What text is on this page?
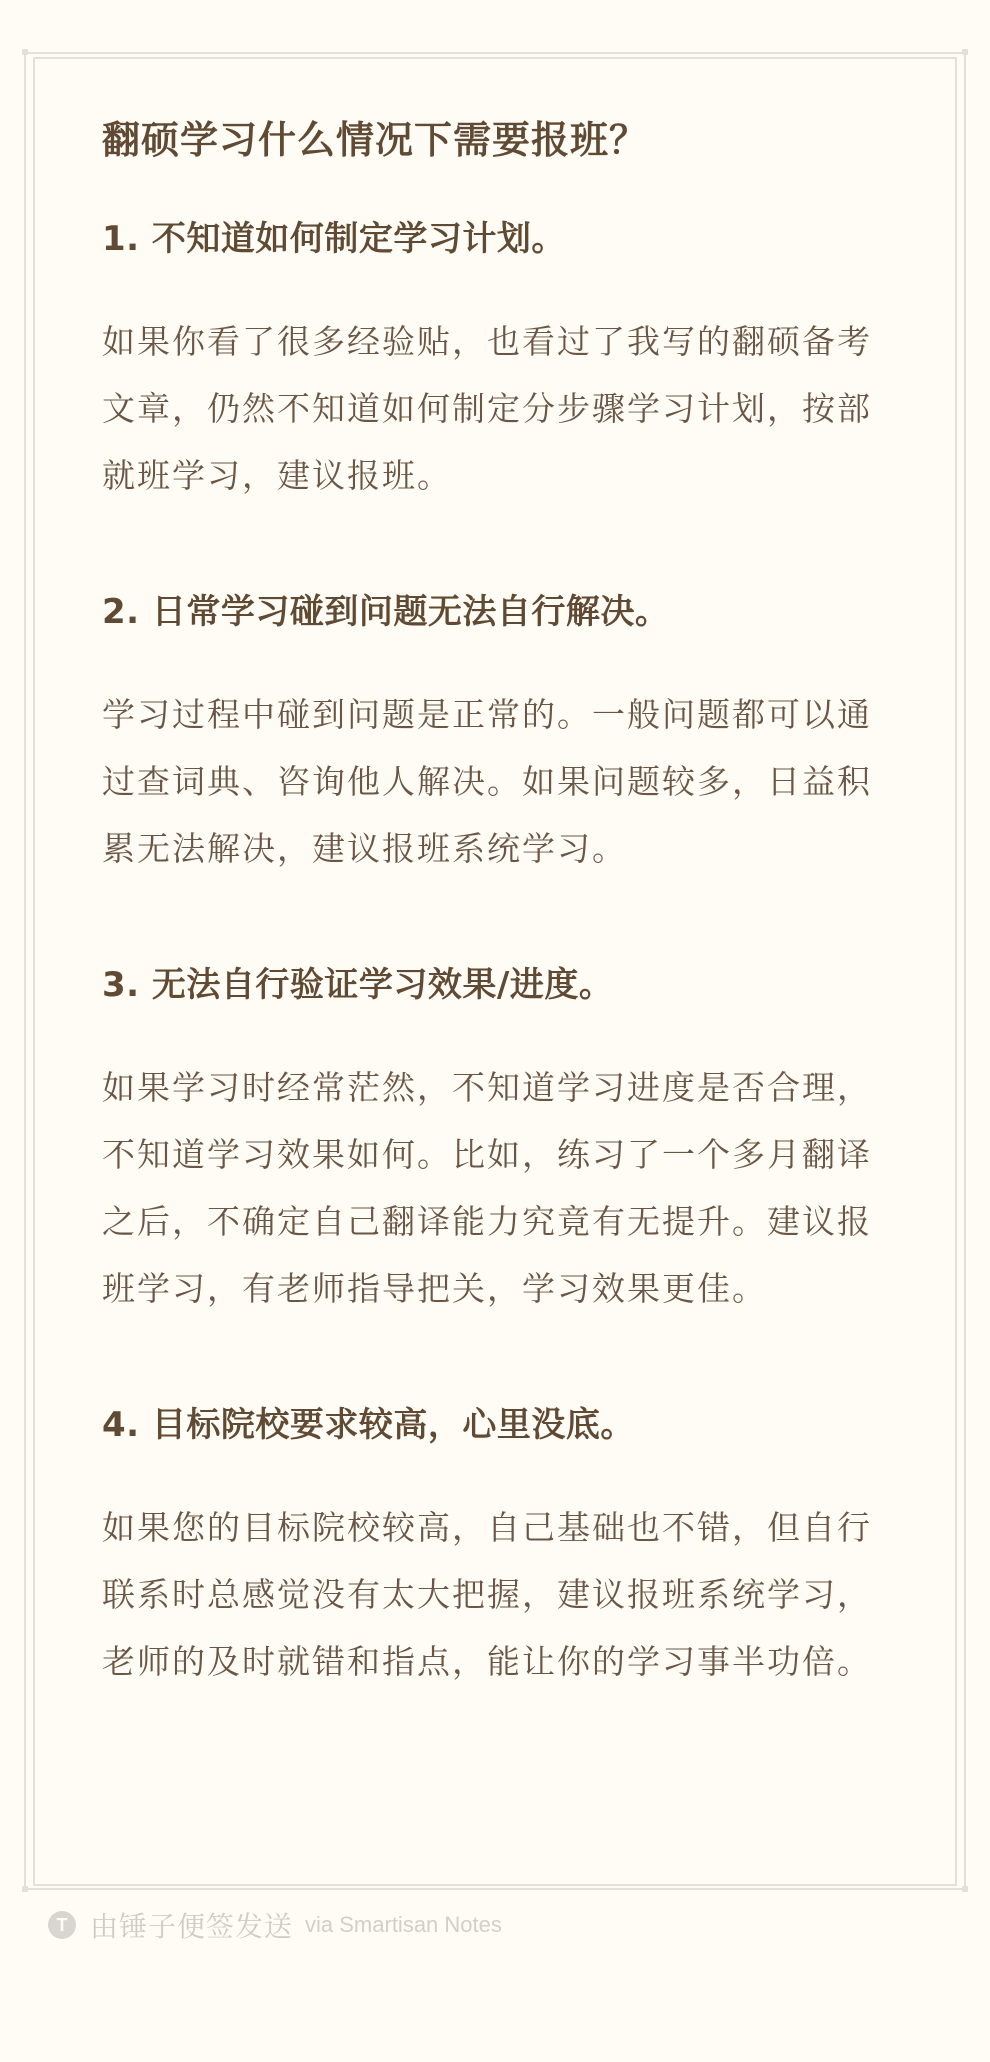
翻硕学习什么情况下需要报班？
1. 不知道如何制定学习计划。
如果你看了很多经验贴，也看过了我写的翻硕备考文章，仍然不知道如何制定分步骤学习计划，按部就班学习，建议报班。
2. 日常学习碰到问题无法自行解决。
学习过程中碰到问题是正常的。一般问题都可以通过查词典、咨询他人解决。如果问题较多，日益积累无法解决，建议报班系统学习。
3. 无法自行验证学习效果/进度。
如果学习时经常茫然，不知道学习进度是否合理，不知道学习效果如何。比如，练习了一个多月翻译之后，不确定自己翻译能力究竟有无提升。建议报班学习，有老师指导把关，学习效果更佳。
4. 目标院校要求较高，心里没底。
如果您的目标院校较高，自己基础也不错，但自行联系时总感觉没有太大把握，建议报班系统学习，老师的及时就错和指点，能让你的学习事半功倍。
T 由锤子便签发送 via Smartisan Notes
